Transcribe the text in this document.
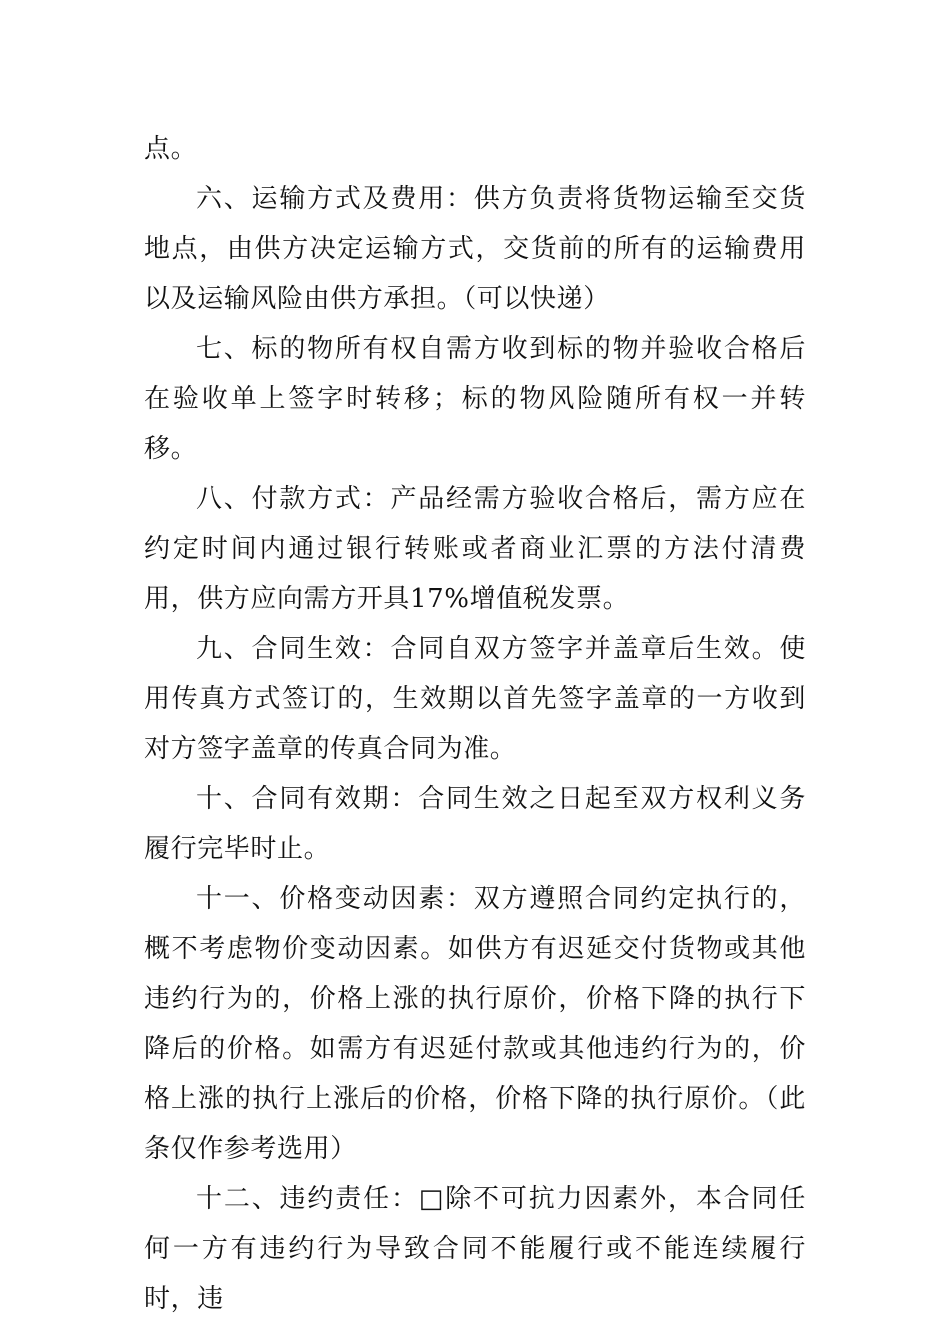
点。

六、运输方式及费用：供方负责将货物运输至交货地点，由供方决定运输方式，交货前的所有的运输费用以及运输风险由供方承担。（可以快递）

七、标的物所有权自需方收到标的物并验收合格后在验收单上签字时转移；标的物风险随所有权一并转移。

八、付款方式：产品经需方验收合格后，需方应在约定时间内通过银行转账或者商业汇票的方法付清费用，供方应向需方开具17%增值税发票。

九、合同生效：合同自双方签字并盖章后生效。使用传真方式签订的，生效期以首先签字盖章的一方收到对方签字盖章的传真合同为准。

十、合同有效期：合同生效之日起至双方权利义务履行完毕时止。

十一、价格变动因素：双方遵照合同约定执行的，概不考虑物价变动因素。如供方有迟延交付货物或其他违约行为的，价格上涨的执行原价，价格下降的执行下降后的价格。如需方有迟延付款或其他违约行为的，价格上涨的执行上涨后的价格，价格下降的执行原价。（此条仅作参考选用）

十二、违约责任：□除不可抗力因素外，本合同任何一方有违约行为导致合同不能履行或不能连续履行时，违
